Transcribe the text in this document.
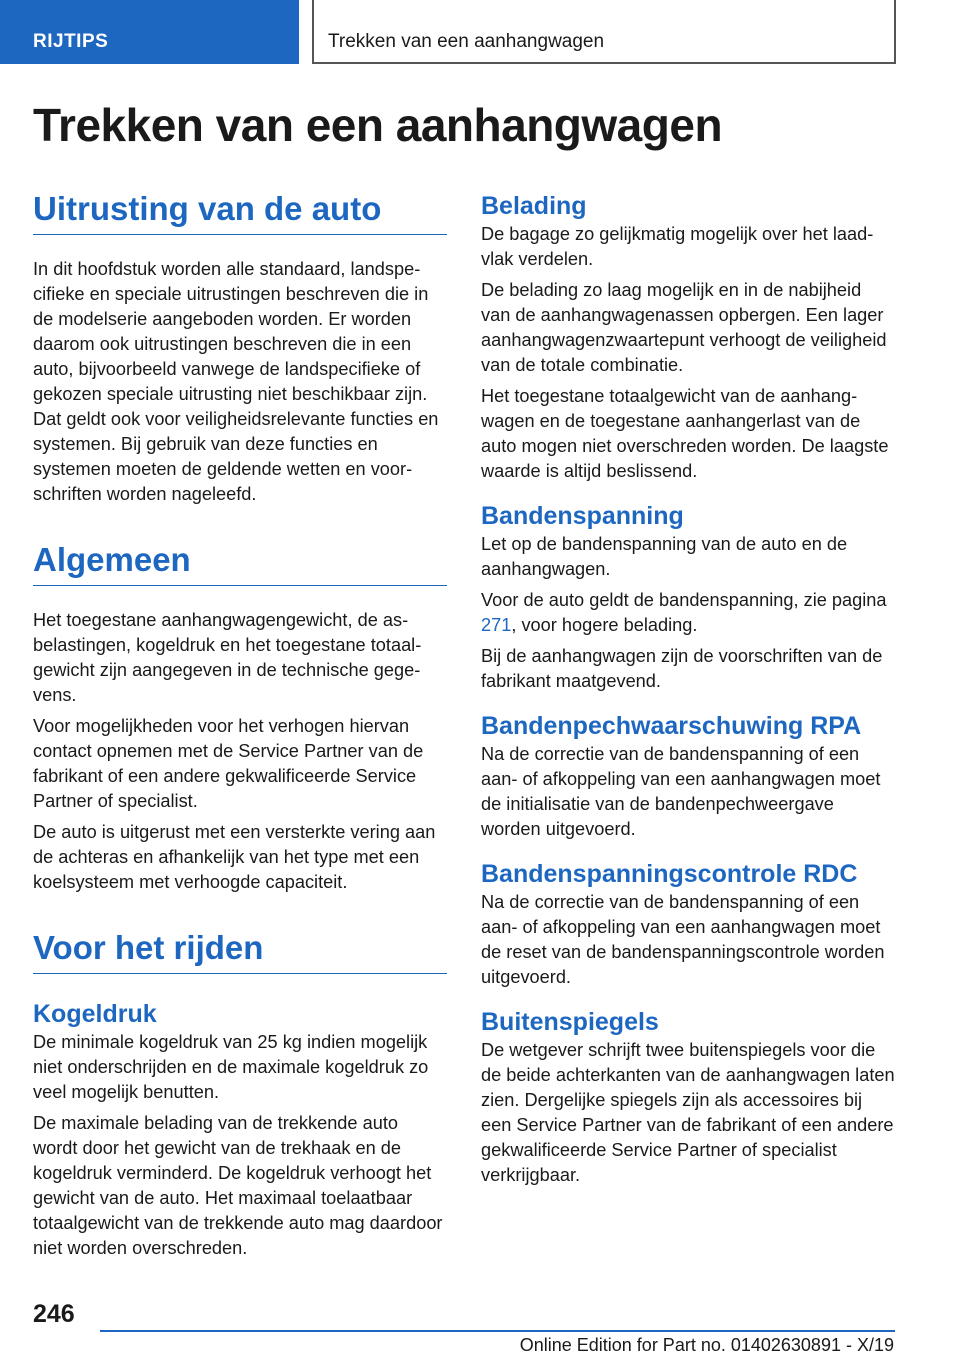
RIJTIPS	Trekken van een aanhangwagen
Trekken van een aanhangwagen
Uitrusting van de auto

In dit hoofdstuk worden alle standaard, landspecifieke en speciale uitrustingen beschreven die in de modelserie aangeboden worden. Er worden daarom ook uitrustingen beschreven die in een auto, bijvoorbeeld vanwege de landspecifieke of gekozen speciale uitrusting niet beschikbaar zijn. Dat geldt ook voor veiligheidsrelevante functies en systemen. Bij gebruik van deze functies en systemen moeten de geldende wetten en voorschriften worden nageleefd.

Algemeen

Het toegestane aanhangwagengewicht, de asbelastingen, kogeldruk en het toegestane totaalgewicht zijn aangegeven in de technische gegevens.

Voor mogelijkheden voor het verhogen hiervan contact opnemen met de Service Partner van de fabrikant of een andere gekwalificeerde Service Partner of specialist.

De auto is uitgerust met een versterkte vering aan de achteras en afhankelijk van het type met een koelsysteem met verhoogde capaciteit.

Voor het rijden
Kogeldruk

De minimale kogeldruk van 25 kg indien mogelijk niet onderschrijden en de maximale kogeldruk zo veel mogelijk benutten.

De maximale belading van de trekkende auto wordt door het gewicht van de trekhaak en de kogeldruk verminderd. De kogeldruk verhoogt het gewicht van de auto. Het maximaal toelaatbaar totaalgewicht van de trekkende auto mag daardoor niet worden overschreden.

Belading

De bagage zo gelijkmatig mogelijk over het laadvlak verdelen.

De belading zo laag mogelijk en in de nabijheid van de aanhangwagenassen opbergen. Een lager aanhangwagenzwaartepunt verhoogt de veiligheid van de totale combinatie.

Het toegestane totaalgewicht van de aanhangwagen en de toegestane aanhangerlast van de auto mogen niet overschreden worden. De laagste waarde is altijd beslissend.

Bandenspanning

Let op de bandenspanning van de auto en de aanhangwagen.

Voor de auto geldt de bandenspanning, zie pagina 271, voor hogere belading.

Bij de aanhangwagen zijn de voorschriften van de fabrikant maatgevend.

Bandenpechwaarschuwing RPA

Na de correctie van de bandenspanning of een aan- of afkoppeling van een aanhangwagen moet de initialisatie van de bandenpechweergave worden uitgevoerd.

Bandenspanningscontrole RDC

Na de correctie van de bandenspanning of een aan- of afkoppeling van een aanhangwagen moet de reset van de bandenspanningscontrole worden uitgevoerd.

Buitenspiegels

De wetgever schrijft twee buitenspiegels voor die de beide achterkanten van de aanhangwagen laten zien. Dergelijke spiegels zijn als accessoires bij een Service Partner van de fabrikant of een andere gekwalificeerde Service Partner of specialist verkrijgbaar.

246
Online Edition for Part no. 01402630891 - X/19
